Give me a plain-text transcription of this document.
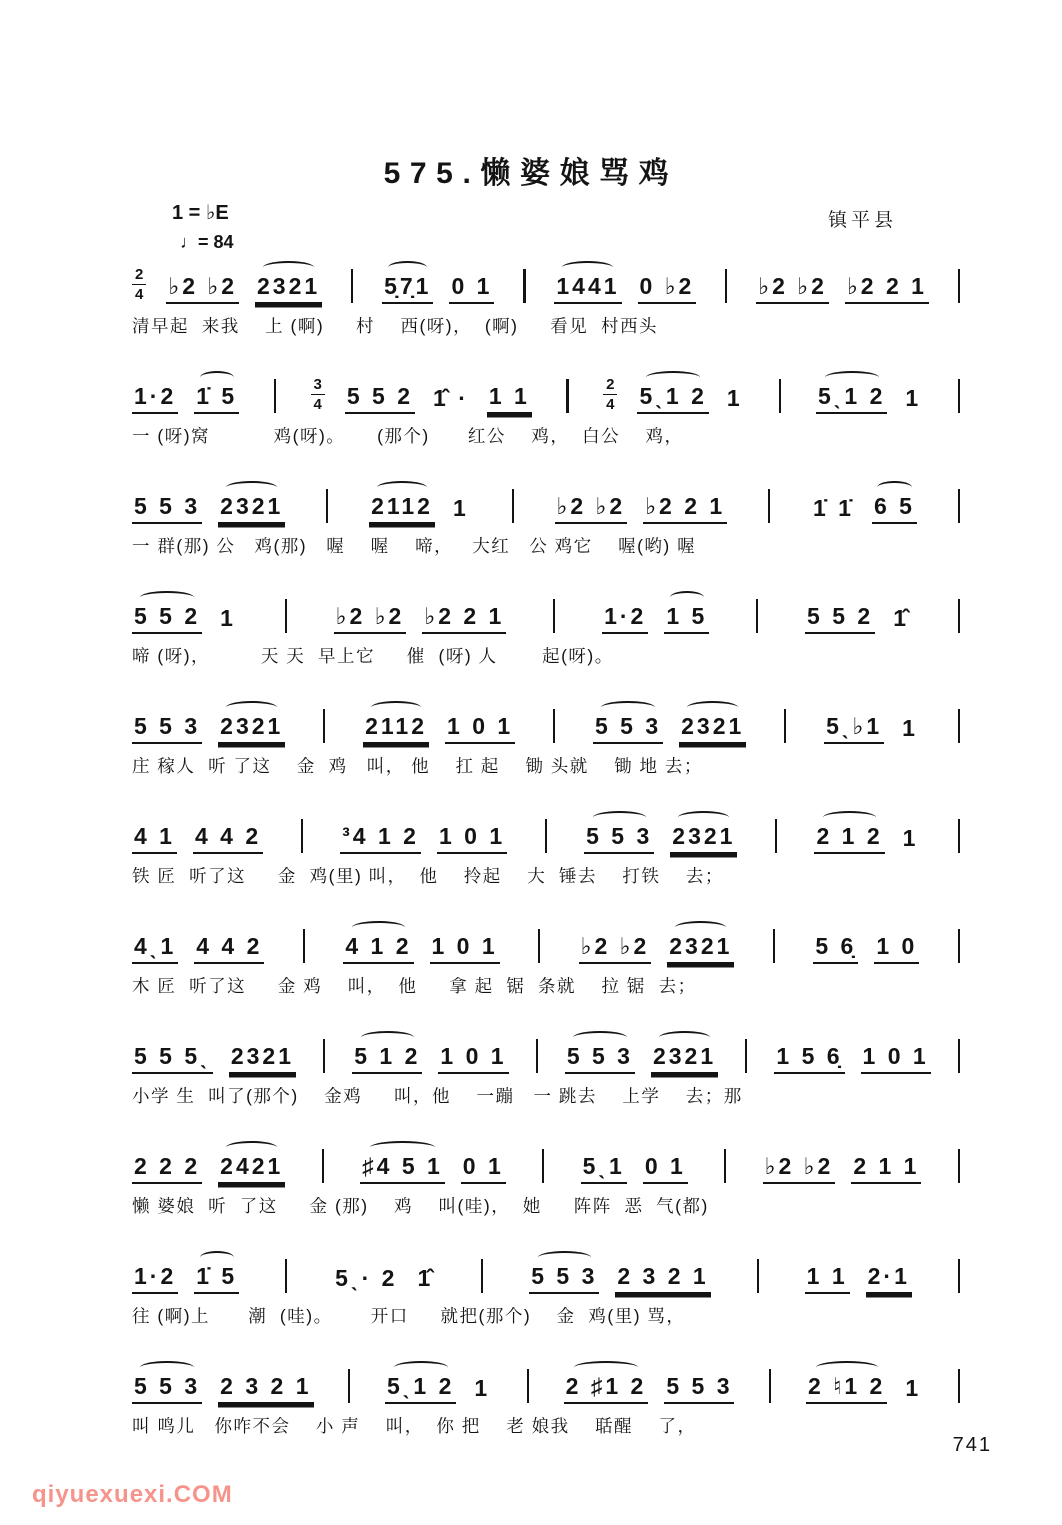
575.懒婆娘骂鸡
1 = ♭E
♩= 84
镇平县
$\frac{2}{4}$ ♭2 ♭2 2321	5̣7̣1 0 1	1441 0 ♭2	♭2 ♭2 ♭2 2 1
清早起  来我    上 (啊)     村    西(呀)，  (啊)     看见  村西头
1·2 1̇ 5	$\frac{3}{4} 5$ 5 2 1̂ · 1 1	$\frac{2}{4}$ 5ˎ1 2 1	5ˎ1 2 1
一 (呀)窝          鸡(呀)。     (那个)      红公    鸡，  白公    鸡，
5 5 3 2321	2112 1	♭2 ♭2 ♭2 2 1	1̇ 1̇ 6 5
一 群(那) 公   鸡(那)   喔    喔    啼，   大红   公 鸡它    喔(哟) 喔
5 5 2 1	♭2 ♭2 ♭2 2 1	1·2 1 5	5 5 2 1̂
啼 (呀)，        天 天  早上它     催  (呀) 人       起(呀)。
5 5 3 2321	2112 1 0 1	5 5 3 2321	5ˎ♭1 1
庄 稼人  听 了这    金  鸡   叫， 他    扛 起    锄 头就    锄 地 去；
4 1 4 4 2	³4 1 2 1 0 1	5 5 3 2321	2 1 2 1
铁 匠  听了这     金  鸡(里) 叫，  他    拎起    大  锤去    打铁    去；
4ˎ1 4 4 2	4 1 2 1 0 1	♭2 ♭2 2321	5 6̣ 1 0
木 匠  听了这     金 鸡    叫，  他     拿 起  锯  条就    拉 锯  去；
5 5 5ˎ 2321	5 1 2 1 0 1	5 5 3 2321	1 5 6̣ 1 0 1
小学 生  叫了(那个)    金鸡     叫，他    一蹦   一 跳去    上学    去；那
2 2 2 2421	♯4 5 1 0 1	5ˎ1 0 1	♭2 ♭2 2 1 1
懒 婆娘  听  了这     金 (那)    鸡    叫(哇)，  她     阵阵  恶  气(都)
1·2 1̇ 5	5ˎ· 2 1̂	5 5 3 2 3 2 1	1 1 2·1
往 (啊)上      潮  (哇)。      开口     就把(那个)    金  鸡(里) 骂，
5 5 3 2 3 2 1	5ˎ1 2 1	2 ♯1 2 5 5 3	2 ♮1 2 1
叫 鸣儿   你咋不会    小 声    叫，  你 把    老 娘我    聒醒    了，
741
qiyuexuexi.COM
